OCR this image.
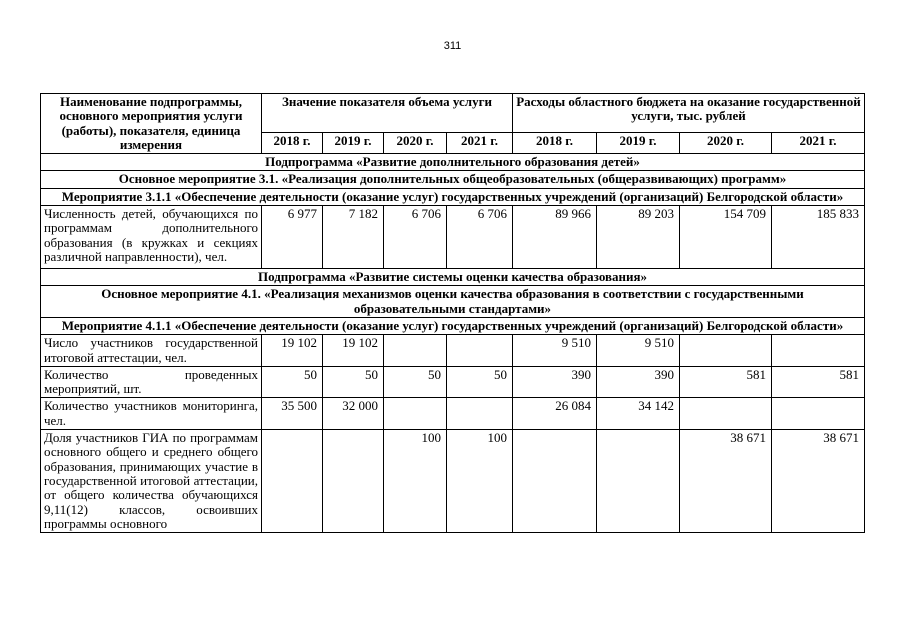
311
Наименование подпрограммы, основного мероприятия услуги (работы), показателя, единица измерения	Значение показателя объема услуги				Расходы областного бюджета на оказание государственной услуги, тыс. рублей			
	2018 г.	2019 г.	2020 г.	2021 г.	2018 г.	2019 г.	2020 г.	2021 г.
Подпрограмма «Развитие дополнительного образования детей»								
Основное мероприятие 3.1. «Реализация дополнительных общеобразовательных (общеразвивающих) программ»								
Мероприятие 3.1.1 «Обеспечение деятельности (оказание услуг) государственных учреждений (организаций) Белгородской области»								
Численность детей, обучающихся по программам дополнительного образования (в кружках и секциях различной направленности), чел.	6 977	7 182	6 706	6 706	89 966	89 203	154 709	185 833
Подпрограмма «Развитие системы оценки качества образования»								
Основное мероприятие 4.1. «Реализация механизмов оценки качества образования в соответствии с государственными образовательными стандартами»								
Мероприятие 4.1.1 «Обеспечение деятельности (оказание услуг) государственных учреждений (организаций) Белгородской области»								
Число участников государственной итоговой аттестации, чел.	19 102	19 102			9 510	9 510		
Количество проведенных мероприятий, шт.	50	50	50	50	390	390	581	581
Количество участников мониторинга, чел.	35 500	32 000			26 084	34 142		
Доля участников ГИА по программам основного общего и среднего общего образования, принимающих участие в государственной итоговой аттестации, от общего количества обучающихся 9,11(12) классов, освоивших программы основного			100	100			38 671	38 671
